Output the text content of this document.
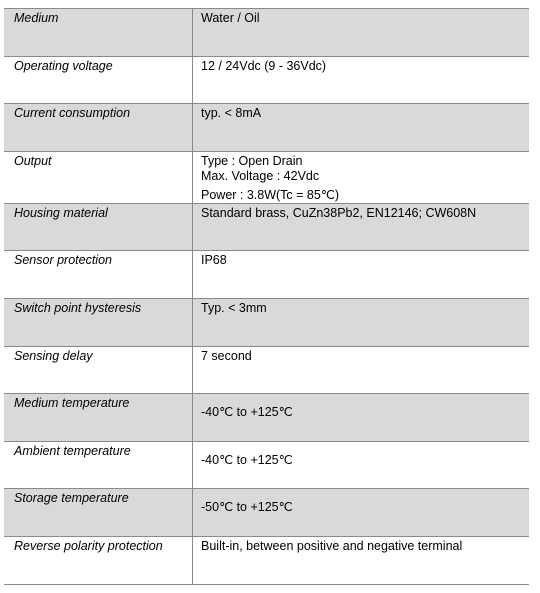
Medium	Water / Oil

Operating voltage	12 / 24Vdc (9 - 36Vdc)

Current consumption	typ. < 8mA

Output	Type : Open Drain
Max. Voltage : 42Vdc
Power : 3.8W(Tc = 85℃)

Housing material	Standard brass, CuZn38Pb2, EN12146; CW608N

Sensor protection	IP68

Switch point hysteresis	Typ. < 3mm

Sensing delay	7 second

Medium temperature	-40℃ to +125℃

Ambient temperature	-40℃ to +125℃

Storage temperature	-50℃ to +125℃

Reverse polarity protection	Built-in, between positive and negative terminal
